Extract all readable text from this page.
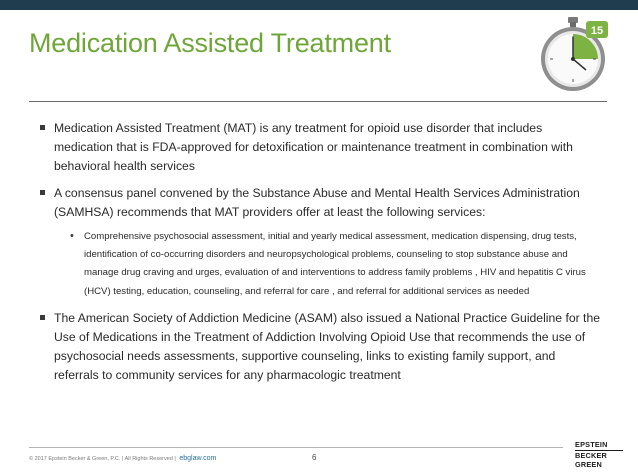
Medication Assisted Treatment	15
Medication Assisted Treatment (MAT) is any treatment for opioid use disorder that includes medication that is FDA-approved for detoxification or maintenance treatment in combination with behavioral health services
A consensus panel convened by the Substance Abuse and Mental Health Services Administration (SAMHSA) recommends that MAT providers offer at least the following services:
• Comprehensive psychosocial assessment, initial and yearly medical assessment, medication dispensing, drug tests, identification of co-occurring disorders and neuropsychological problems, counseling to stop substance abuse and manage drug craving and urges, evaluation of and interventions to address family problems , HIV and hepatitis C virus (HCV) testing, education, counseling, and referral for care , and referral for additional services as needed
The American Society of Addiction Medicine (ASAM) also issued a National Practice Guideline for the Use of Medications in the Treatment of Addiction Involving Opioid Use that recommends the use of psychosocial needs assessments, supportive counseling, links to existing family support, and referrals to community services for any pharmacologic treatment
© 2017 Epstein Becker & Green, P.C. | All Rights Reserved | ebglaw.com	6
EPSTEIN
BECKER
GREEN
